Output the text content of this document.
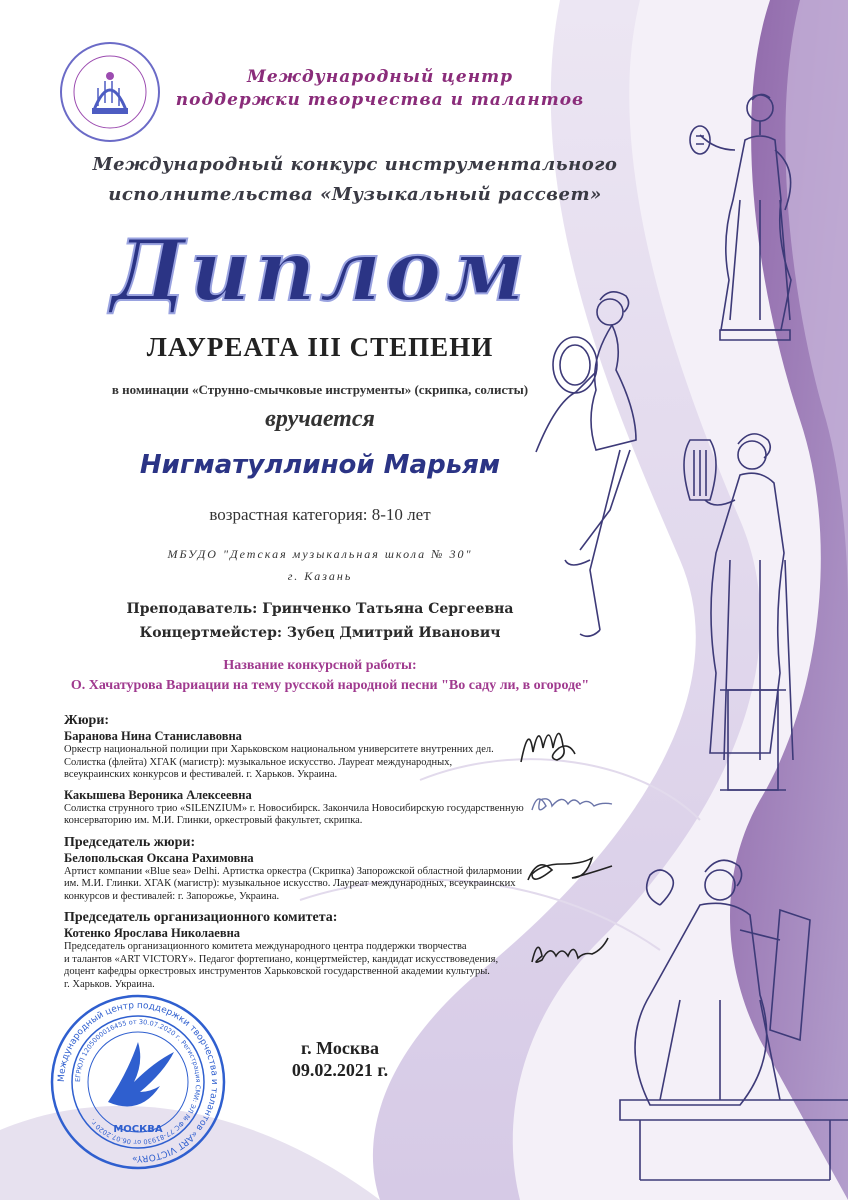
Международный центр
поддержки творчества и талантов
Международный конкурс инструментального
исполнительства «Музыкальный рассвет»
Диплом
ЛАУРЕАТА III СТЕПЕНИ
в номинации «Струнно-смычковые инструменты» (скрипка, солисты)
вручается
Нигматуллиной Марьям
возрастная категория: 8-10 лет
МБУДО "Детская музыкальная школа № 30"
г. Казань
Преподаватель: Гринченко Татьяна Сергеевна
Концертмейстер: Зубец Дмитрий Иванович
Название конкурсной работы:
О. Хачатурова Вариации на тему русской народной песни "Во саду ли, в огороде"
Жюри:
Баранова Нина Станиславовна
Оркестр национальной полиции при Харьковском национальном университете внутренних дел.
Солистка (флейта) ХГАК (магистр): музыкальное искусство. Лауреат международных,
всеукраинских конкурсов и фестивалей. г. Харьков. Украина.
Какышева Вероника Алексеевна
Солистка струнного трио «SILENZIUM» г. Новосибирск. Закончила Новосибирскую государственную
консерваторию им. М.И. Глинки, оркестровый факультет, скрипка.
Председатель жюри:
Белопольская Оксана Рахимовна
Артист компании «Blue sea» Delhi. Артистка оркестра (Скрипка) Запорожской областной филармонии
им. М.И. Глинки. ХГАК (магистр): музыкальное искусство. Лауреат международных, всеукраинских
конкурсов и фестивалей: г. Запорожье, Украина.
Председатель организационного комитета:
Котенко Ярослава Николаевна
Председатель организационного комитета международного центра поддержки творчества
и талантов «ART VICTORY». Педагог фортепиано, концертмейстер, кандидат искусствоведения,
доцент кафедры оркестровых инструментов Харьковской государственной академии культуры.
г. Харьков. Украина.
г. Москва
09.02.2021 г.
Международный центр поддержки творчества и талантов «ART VICTORY»
ЕГРЮЛ 1205000016455 от 30.07.2020 г. Регистрация СМИ: ЭЛ № ФС 77-81930 от 06.07.2020 г.
МОСКВА
